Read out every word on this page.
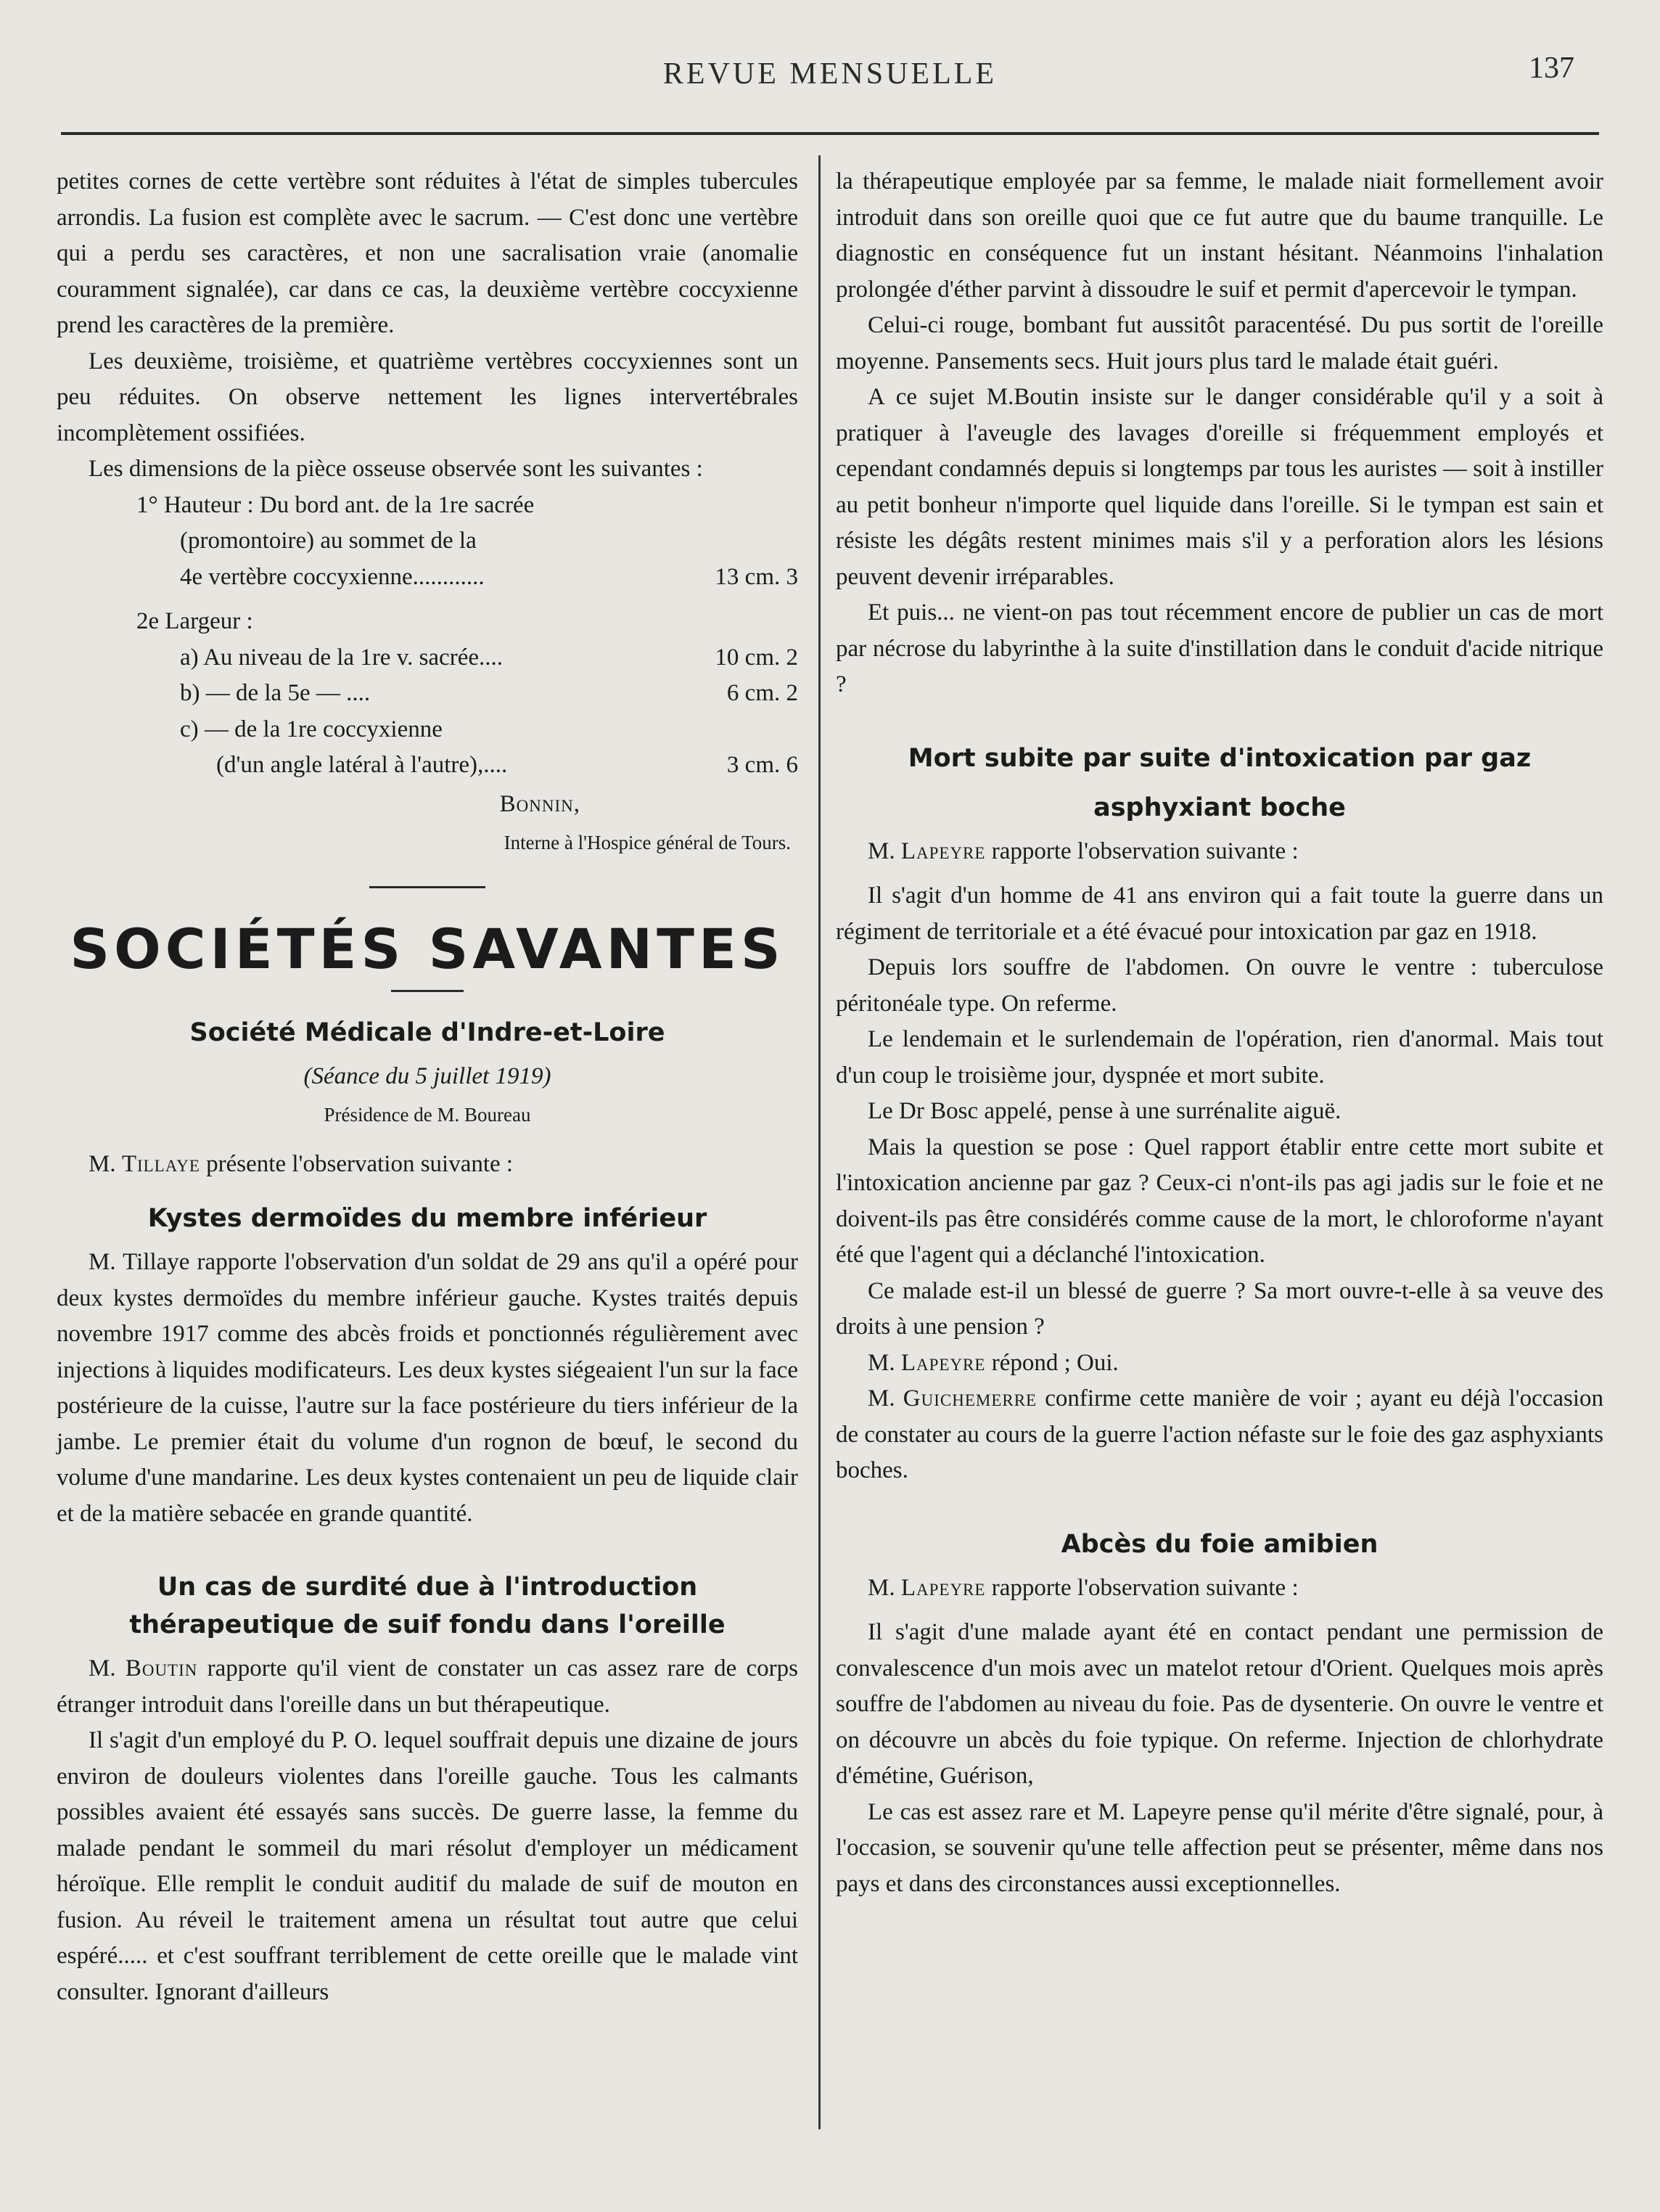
REVUE MENSUELLE	137

petites cornes de cette vertèbre sont réduites à l'état de simples tubercules arrondis. La fusion est complète avec le sacrum. — C'est donc une vertèbre qui a perdu ses caractères, et non une sacralisation vraie (anomalie couramment signalée), car dans ce cas, la deuxième vertèbre coccyxienne prend les caractères de la première.

Les deuxième, troisième, et quatrième vertèbres coccyxiennes sont un peu réduites. On observe nettement les lignes intervertébrales incomplètement ossifiées.

Les dimensions de la pièce osseuse observée sont les suivantes :

1° Hauteur : Du bord ant. de la 1re sacrée
(promontoire) au sommet de la
4e vertèbre coccyxienne............	13 cm. 3
2e Largeur :
a) Au niveau de la 1re v. sacrée....	10 cm. 2
b) — de la 5e — ....	6 cm. 2
c) — de la 1re coccyxienne
(d'un angle latéral à l'autre),....	3 cm. 6
Bonnin,
Interne à l'Hospice général de Tours.
SOCIÉTÉS SAVANTES
Société Médicale d'Indre-et-Loire
(Séance du 5 juillet 1919)
Présidence de M. Boureau

M. Tillaye présente l'observation suivante :

Kystes dermoïdes du membre inférieur

M. Tillaye rapporte l'observation d'un soldat de 29 ans qu'il a opéré pour deux kystes dermoïdes du membre inférieur gauche. Kystes traités depuis novembre 1917 comme des abcès froids et ponctionnés régulièrement avec injections à liquides modificateurs. Les deux kystes siégeaient l'un sur la face postérieure de la cuisse, l'autre sur la face postérieure du tiers inférieur de la jambe. Le premier était du volume d'un rognon de bœuf, le second du volume d'une mandarine. Les deux kystes contenaient un peu de liquide clair et de la matière sebacée en grande quantité.

Un cas de surdité due à l'introduction
thérapeutique de suif fondu dans l'oreille

M. Boutin rapporte qu'il vient de constater un cas assez rare de corps étranger introduit dans l'oreille dans un but thérapeutique.

Il s'agit d'un employé du P. O. lequel souffrait depuis une dizaine de jours environ de douleurs violentes dans l'oreille gauche. Tous les calmants possibles avaient été essayés sans succès. De guerre lasse, la femme du malade pendant le sommeil du mari résolut d'employer un médicament héroïque. Elle remplit le conduit auditif du malade de suif de mouton en fusion. Au réveil le traitement amena un résultat tout autre que celui espéré..... et c'est souffrant terriblement de cette oreille que le malade vint consulter. Ignorant d'ailleurs

la thérapeutique employée par sa femme, le malade niait formellement avoir introduit dans son oreille quoi que ce fut autre que du baume tranquille. Le diagnostic en conséquence fut un instant hésitant. Néanmoins l'inhalation prolongée d'éther parvint à dissoudre le suif et permit d'apercevoir le tympan.

Celui-ci rouge, bombant fut aussitôt paracentésé. Du pus sortit de l'oreille moyenne. Pansements secs. Huit jours plus tard le malade était guéri.

A ce sujet M.Boutin insiste sur le danger considérable qu'il y a soit à pratiquer à l'aveugle des lavages d'oreille si fréquemment employés et cependant condamnés depuis si longtemps par tous les auristes — soit à instiller au petit bonheur n'importe quel liquide dans l'oreille. Si le tympan est sain et résiste les dégâts restent minimes mais s'il y a perforation alors les lésions peuvent devenir irréparables.

Et puis... ne vient-on pas tout récemment encore de publier un cas de mort par nécrose du labyrinthe à la suite d'instillation dans le conduit d'acide nitrique ?

Mort subite par suite d'intoxication par gaz
asphyxiant boche

M. Lapeyre rapporte l'observation suivante :

Il s'agit d'un homme de 41 ans environ qui a fait toute la guerre dans un régiment de territoriale et a été évacué pour intoxication par gaz en 1918.

Depuis lors souffre de l'abdomen. On ouvre le ventre : tuberculose péritonéale type. On referme.

Le lendemain et le surlendemain de l'opération, rien d'anormal. Mais tout d'un coup le troisième jour, dyspnée et mort subite.

Le Dr Bosc appelé, pense à une surrénalite aiguë.

Mais la question se pose : Quel rapport établir entre cette mort subite et l'intoxication ancienne par gaz ? Ceux-ci n'ont-ils pas agi jadis sur le foie et ne doivent-ils pas être considérés comme cause de la mort, le chloroforme n'ayant été que l'agent qui a déclanché l'intoxication.

Ce malade est-il un blessé de guerre ? Sa mort ouvre-t-elle à sa veuve des droits à une pension ?

M. Lapeyre répond ; Oui.

M. Guichemerre confirme cette manière de voir ; ayant eu déjà l'occasion de constater au cours de la guerre l'action néfaste sur le foie des gaz asphyxiants boches.

Abcès du foie amibien

M. Lapeyre rapporte l'observation suivante :

Il s'agit d'une malade ayant été en contact pendant une permission de convalescence d'un mois avec un matelot retour d'Orient. Quelques mois après souffre de l'abdomen au niveau du foie. Pas de dysenterie. On ouvre le ventre et on découvre un abcès du foie typique. On referme. Injection de chlorhydrate d'émétine, Guérison,

Le cas est assez rare et M. Lapeyre pense qu'il mérite d'être signalé, pour, à l'occasion, se souvenir qu'une telle affection peut se présenter, même dans nos pays et dans des circonstances aussi exceptionnelles.
